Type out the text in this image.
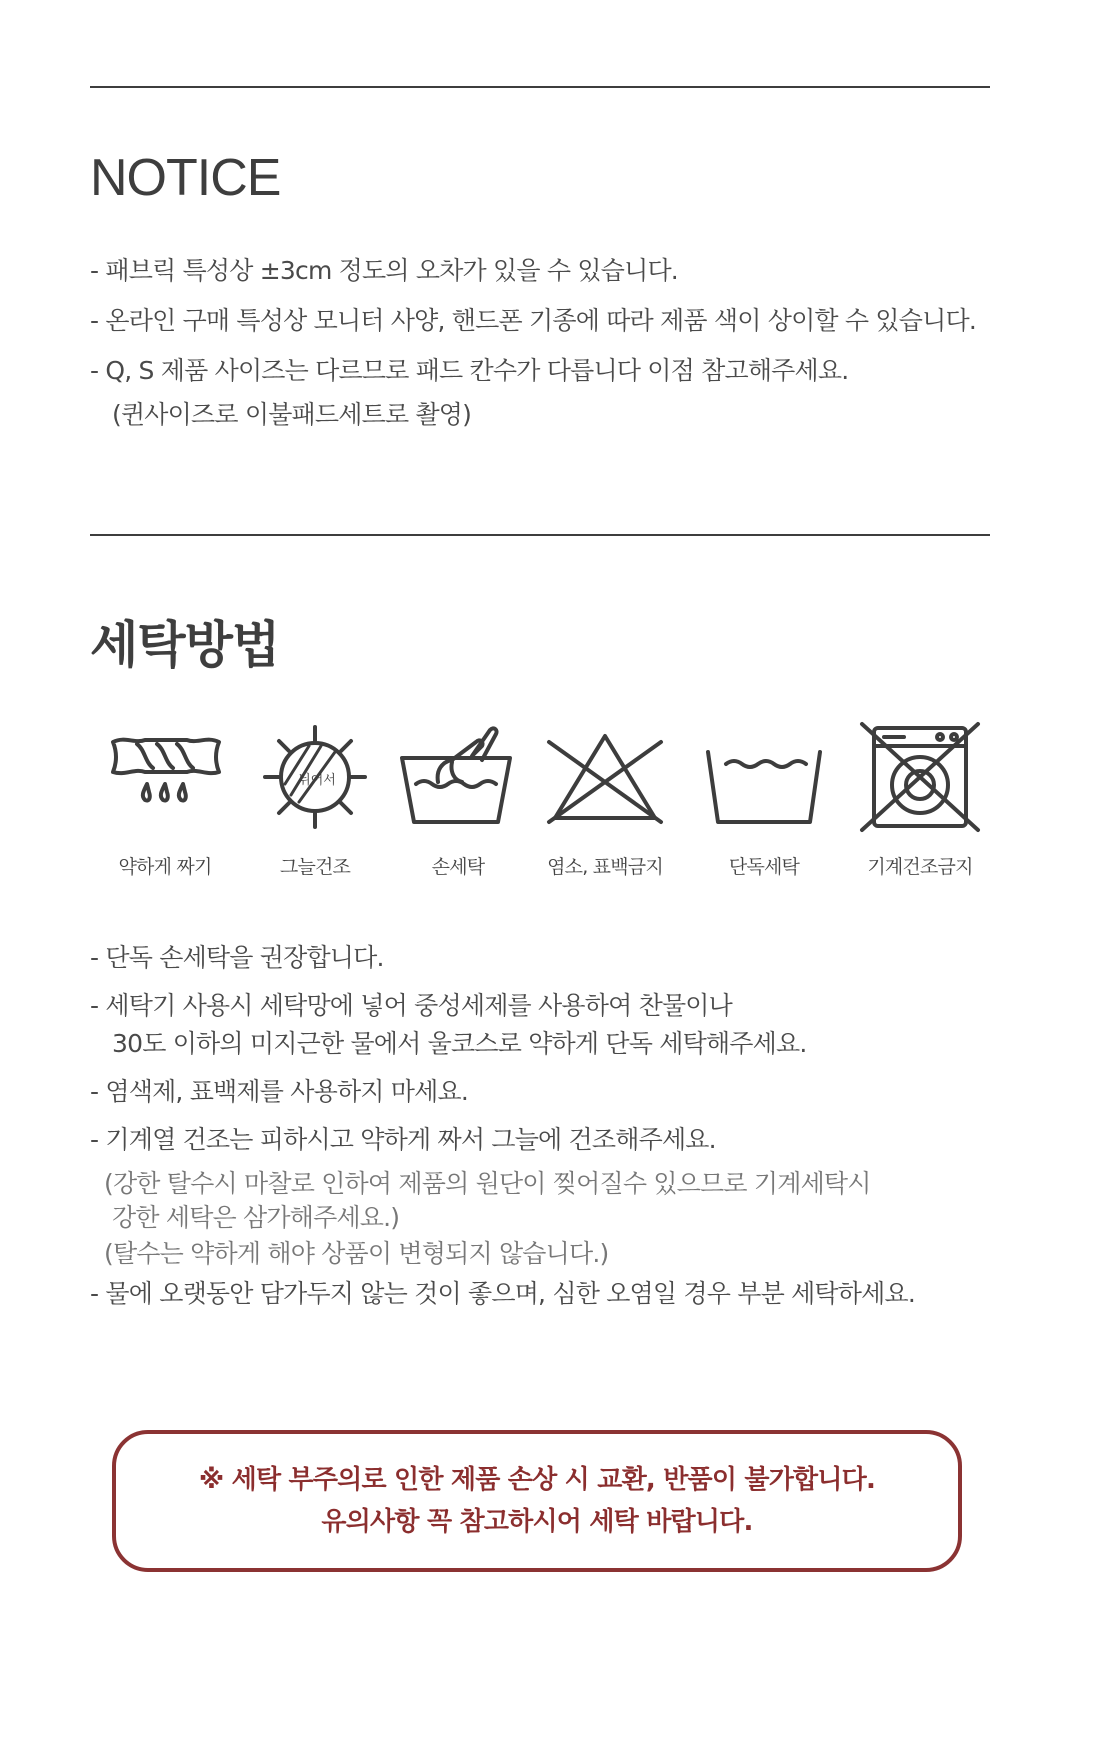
NOTICE
- 패브릭 특성상 ±3cm 정도의 오차가 있을 수 있습니다.
- 온라인 구매 특성상 모니터 사양, 핸드폰 기종에 따라 제품 색이 상이할 수 있습니다.
- Q, S 제품 사이즈는 다르므로 패드 칸수가 다릅니다 이점 참고해주세요.
(퀸사이즈로 이불패드세트로 촬영)
세탁방법
약하게 짜기
뉘어서
그늘건조	손세탁	염소, 표백금지	단독세탁	기계건조금지
- 단독 손세탁을 권장합니다.
- 세탁기 사용시 세탁망에 넣어 중성세제를 사용하여 찬물이나
30도 이하의 미지근한 물에서 울코스로 약하게 단독 세탁해주세요.
- 염색제, 표백제를 사용하지 마세요.
- 기계열 건조는 피하시고 약하게 짜서 그늘에 건조해주세요.
(강한 탈수시 마찰로 인하여 제품의 원단이 찢어질수 있으므로 기계세탁시
강한 세탁은 삼가해주세요.)
(탈수는 약하게 해야 상품이 변형되지 않습니다.)
- 물에 오랫동안 담가두지 않는 것이 좋으며, 심한 오염일 경우 부분 세탁하세요.
※ 세탁 부주의로 인한 제품 손상 시 교환, 반품이 불가합니다.
유의사항 꼭 참고하시어 세탁 바랍니다.
